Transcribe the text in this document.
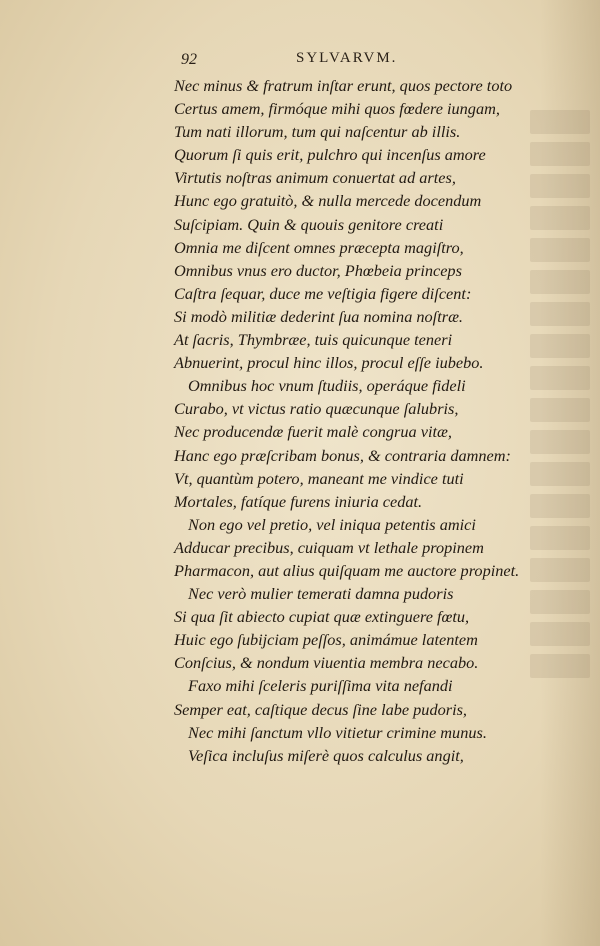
92	SYLVARVM.
Nec minus & fratrum inſtar erunt, quos pectore toto
Certus amem, firmóque mihi quos fœdere iungam,
Tum nati illorum, tum qui naſcentur ab illis.
Quorum ſi quis erit, pulchro qui incenſus amore
Virtutis noſtras animum conuertat ad artes,
Hunc ego gratuitò, & nulla mercede docendum
Suſcipiam. Quin & quouis genitore creati
Omnia me diſcent omnes præcepta magiſtro,
Omnibus vnus ero ductor, Phœbeia princeps
Caſtra ſequar, duce me veſtigia figere diſcent:
Si modò militiæ dederint ſua nomina noſtræ.
At ſacris, Thymbræe, tuis quicunque teneri
Abnuerint, procul hinc illos, procul eſſe iubebo.
Omnibus hoc vnum ſtudiis, operáque fideli
Curabo, vt victus ratio quæcunque ſalubris,
Nec producendæ fuerit malè congrua vitæ,
Hanc ego præſcribam bonus, & contraria damnem:
Vt, quantùm potero, maneant me vindice tuti
Mortales, fatíque furens iniuria cedat.
Non ego vel pretio, vel iniqua petentis amici
Adducar precibus, cuiquam vt lethale propinem
Pharmacon, aut alius quiſquam me auctore propinet.
Nec verò mulier temerati damna pudoris
Si qua ſit abiecto cupiat quæ extinguere fœtu,
Huic ego ſubijciam peſſos, animámue latentem
Conſcius, & nondum viuentia membra necabo.
Faxo mihi ſceleris puriſſima vita nefandi
Semper eat, caſtique decus ſine labe pudoris,
Nec mihi ſanctum vllo vitietur crimine munus.
Veſica incluſus miſerè quos calculus angit,
